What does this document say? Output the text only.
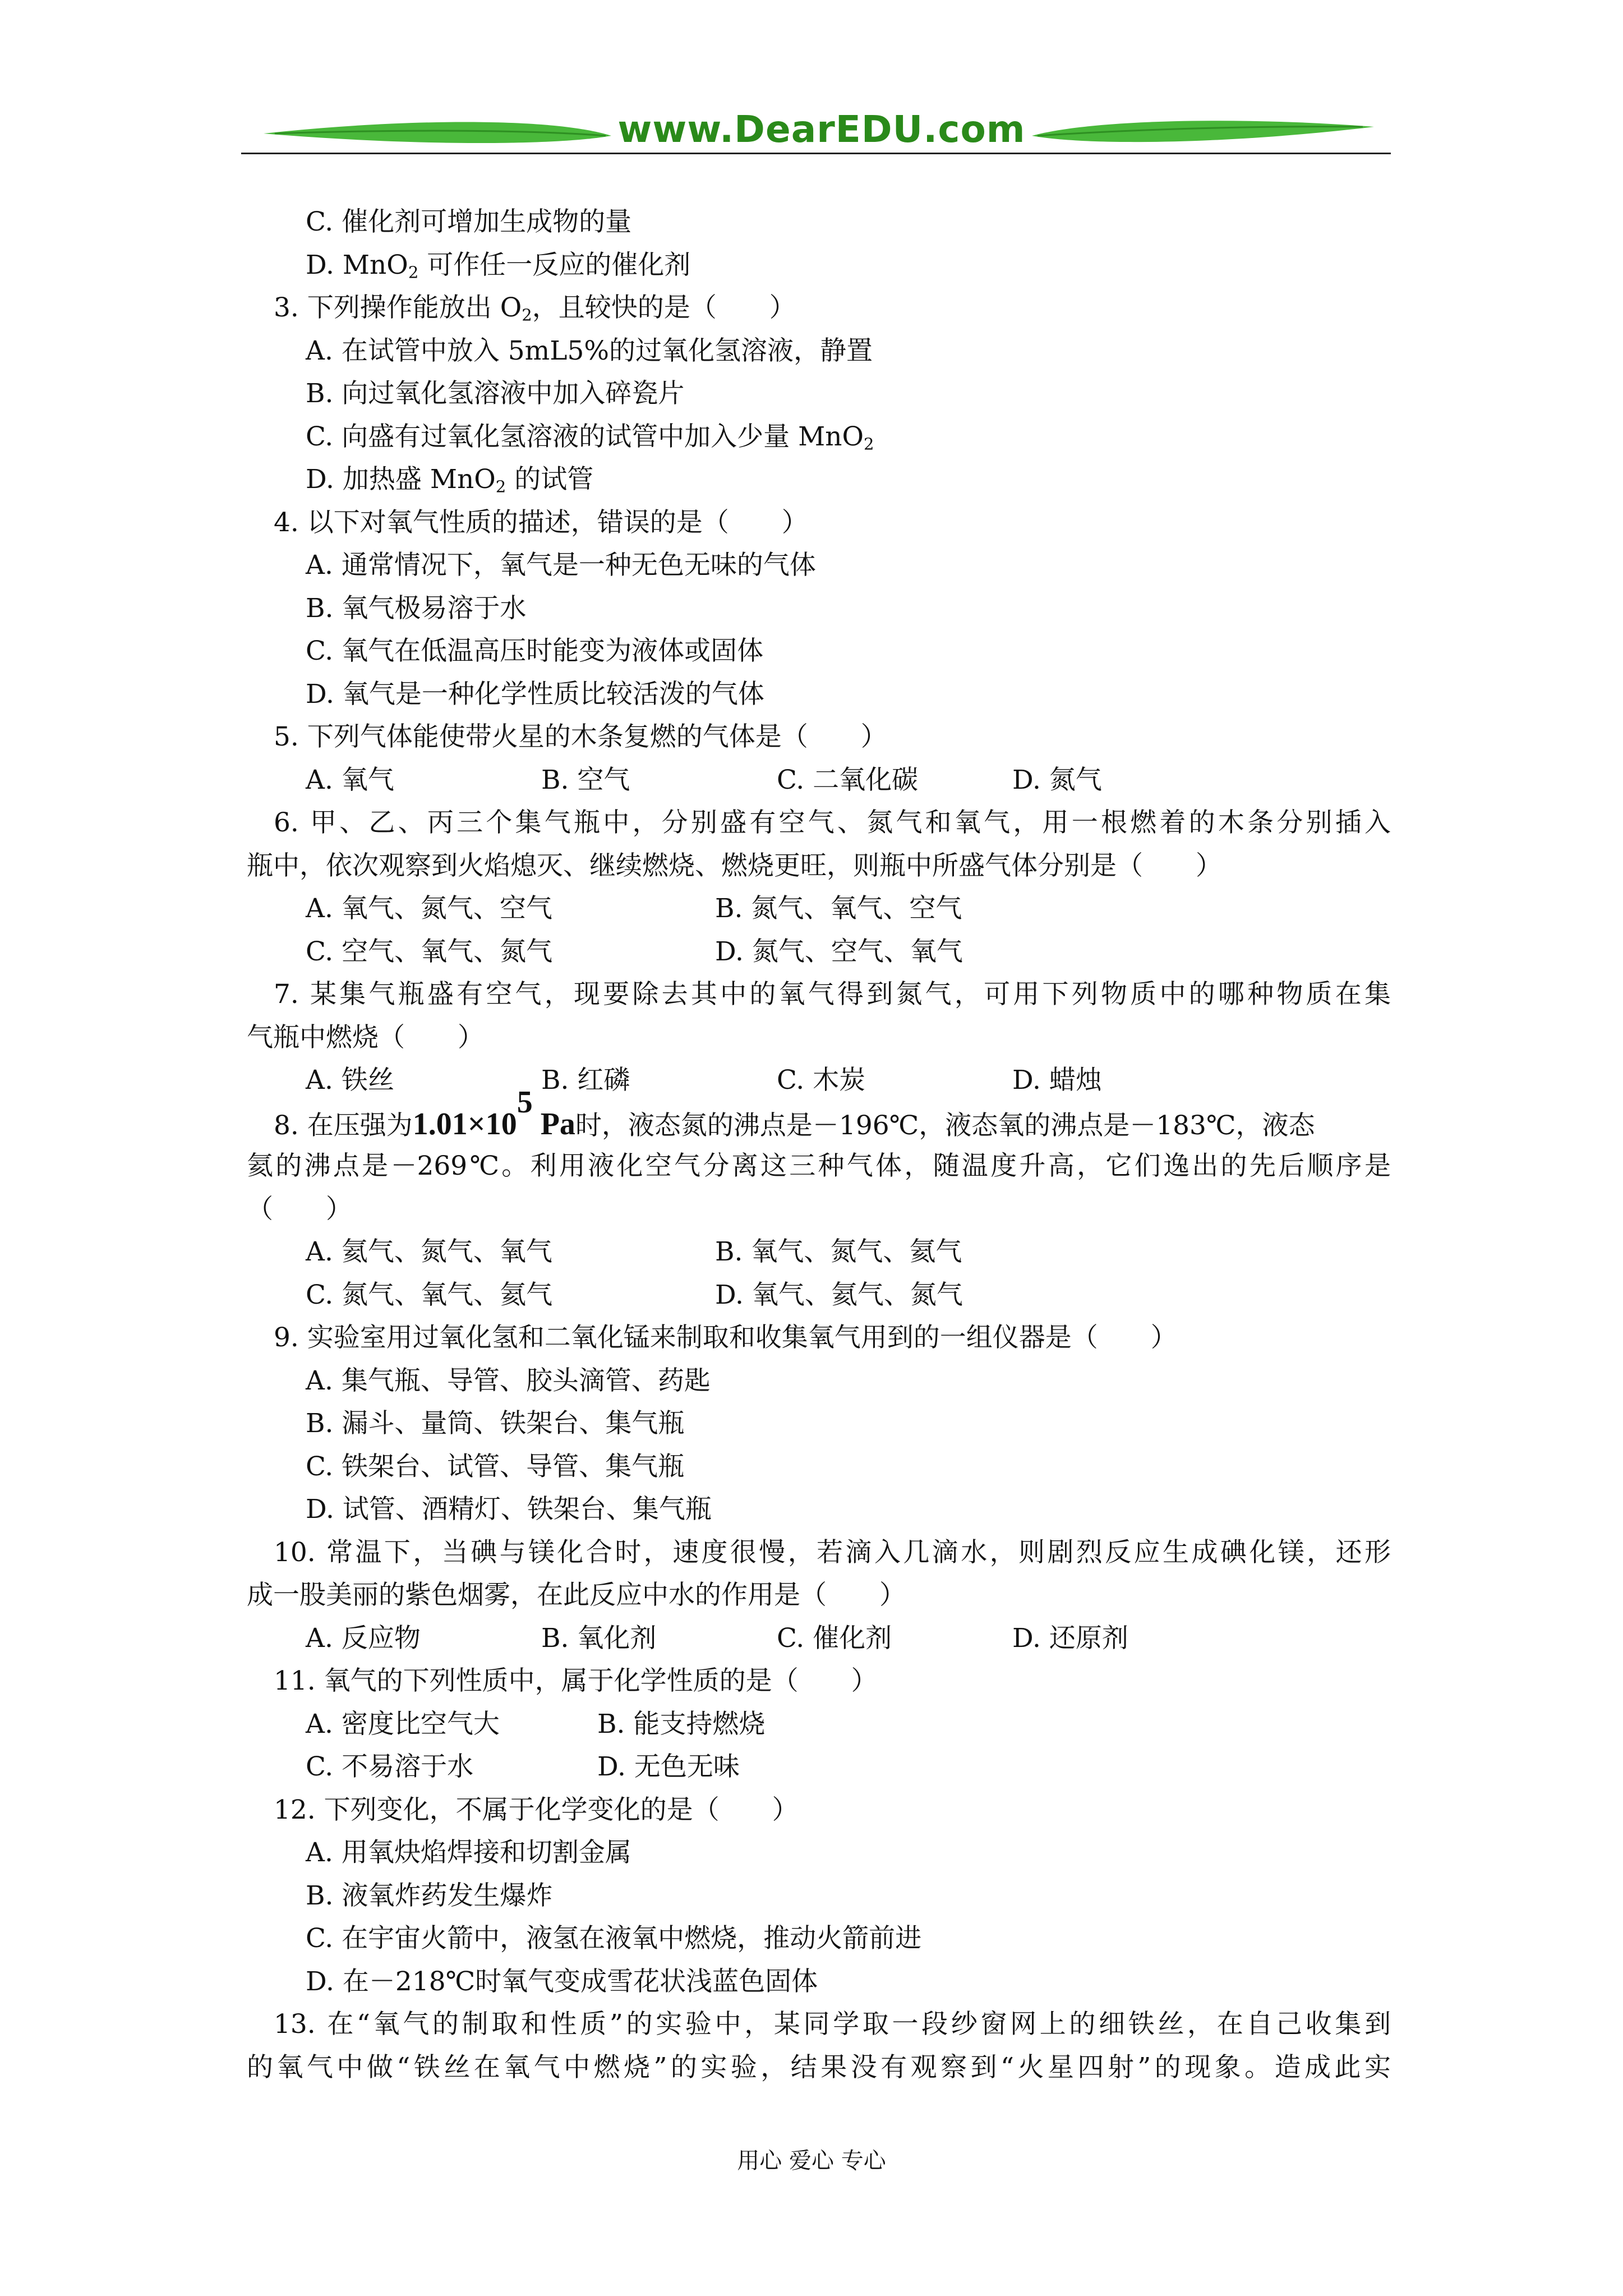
www.DearEDU.com
C. 催化剂可增加生成物的量
D. MnO$_2$ 可作任一反应的催化剂
3. 下列操作能放出 $O_2$，且较快的是（　　）
A. 在试管中放入 5mL5%的过氧化氢溶液，静置
B. 向过氧化氢溶液中加入碎瓷片
C. 向盛有过氧化氢溶液的试管中加入少量 MnO$_2$
D. 加热盛 MnO$_2$ 的试管
4. 以下对氧气性质的描述，错误的是（　　）
A. 通常情况下，氧气是一种无色无味的气体
B. 氧气极易溶于水
C. 氧气在低温高压时能变为液体或固体
D. 氧气是一种化学性质比较活泼的气体
5. 下列气体能使带火星的木条复燃的气体是（　　）
A. 氧气	B. 空气	C. 二氧化碳	D. 氮气
6. 甲、乙、丙三个集气瓶中，分别盛有空气、氮气和氧气，用一根燃着的木条分别插入
瓶中，依次观察到火焰熄灭、继续燃烧、燃烧更旺，则瓶中所盛气体分别是（　　）
A. 氧气、氮气、空气	B. 氮气、氧气、空气
C. 空气、氧气、氮气	D. 氮气、空气、氧气
7. 某集气瓶盛有空气，现要除去其中的氧气得到氮气，可用下列物质中的哪种物质在集
气瓶中燃烧（　　）
A. 铁丝	B. 红磷	C. 木炭	D. 蜡烛
8. 在压强为$1.01\times 10^5$ Pa时，液态氮的沸点是－196℃，液态氧的沸点是－183℃，液态
氦的沸点是－269℃。利用液化空气分离这三种气体，随温度升高，它们逸出的先后顺序是
（　　）
A. 氦气、氮气、氧气	B. 氧气、氮气、氦气
C. 氮气、氧气、氦气	D. 氧气、氦气、氮气
9. 实验室用过氧化氢和二氧化锰来制取和收集氧气用到的一组仪器是（　　）
A. 集气瓶、导管、胶头滴管、药匙
B. 漏斗、量筒、铁架台、集气瓶
C. 铁架台、试管、导管、集气瓶
D. 试管、酒精灯、铁架台、集气瓶
10. 常温下，当碘与镁化合时，速度很慢，若滴入几滴水，则剧烈反应生成碘化镁，还形
成一股美丽的紫色烟雾，在此反应中水的作用是（　　）
A. 反应物	B. 氧化剂	C. 催化剂	D. 还原剂
11. 氧气的下列性质中，属于化学性质的是（　　）
A. 密度比空气大	B. 能支持燃烧
C. 不易溶于水	D. 无色无味
12. 下列变化，不属于化学变化的是（　　）
A. 用氧炔焰焊接和切割金属
B. 液氧炸药发生爆炸
C. 在宇宙火箭中，液氢在液氧中燃烧，推动火箭前进
D. 在－218℃时氧气变成雪花状浅蓝色固体
13. 在“氧气的制取和性质”的实验中，某同学取一段纱窗网上的细铁丝，在自己收集到
的氧气中做“铁丝在氧气中燃烧”的实验，结果没有观察到“火星四射”的现象。造成此实
用心 爱心 专心
